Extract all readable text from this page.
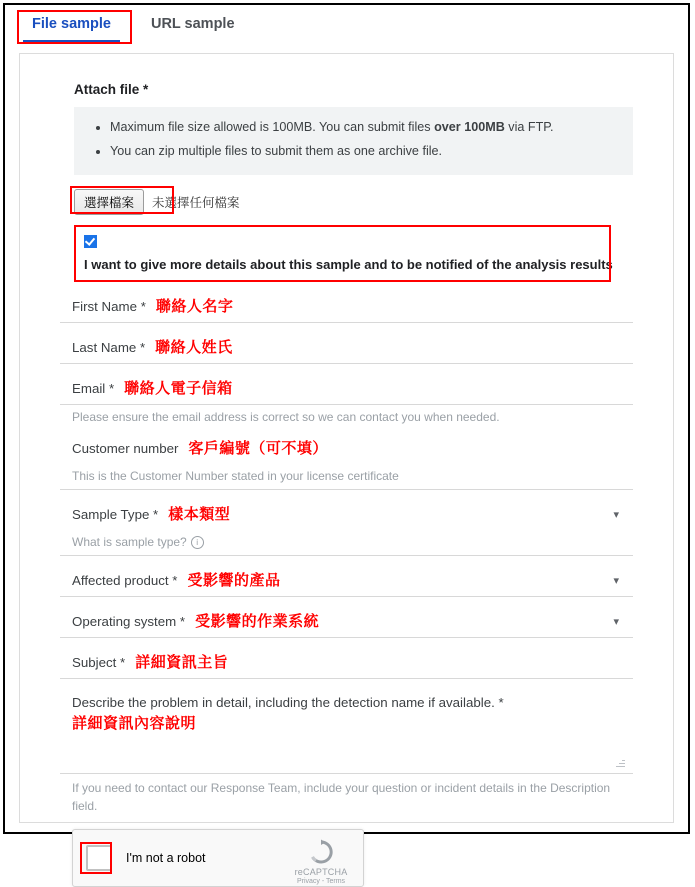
File sample	URL sample
Attach file *
• Maximum file size allowed is 100MB. You can submit files over 100MB via FTP.
• You can zip multiple files to submit them as one archive file.
選擇檔案	未選擇任何檔案
I want to give more details about this sample and to be notified of the analysis results
First Name * 聯絡人名字
Last Name * 聯絡人姓氏
Email * 聯絡人電子信箱
Please ensure the email address is correct so we can contact you when needed.
Customer number 客戶編號（可不填）
This is the Customer Number stated in your license certificate
Sample Type * 樣本類型	▾
What is sample type? i
Affected product * 受影響的產品	▾
Operating system * 受影響的作業系統	▾
Subject * 詳細資訊主旨
Describe the problem in detail, including the detection name if available. *
詳細資訊內容說明
If you need to contact our Response Team, include your question or incident details in the Description field.
I'm not a robot
reCAPTCHA
Privacy - Terms
